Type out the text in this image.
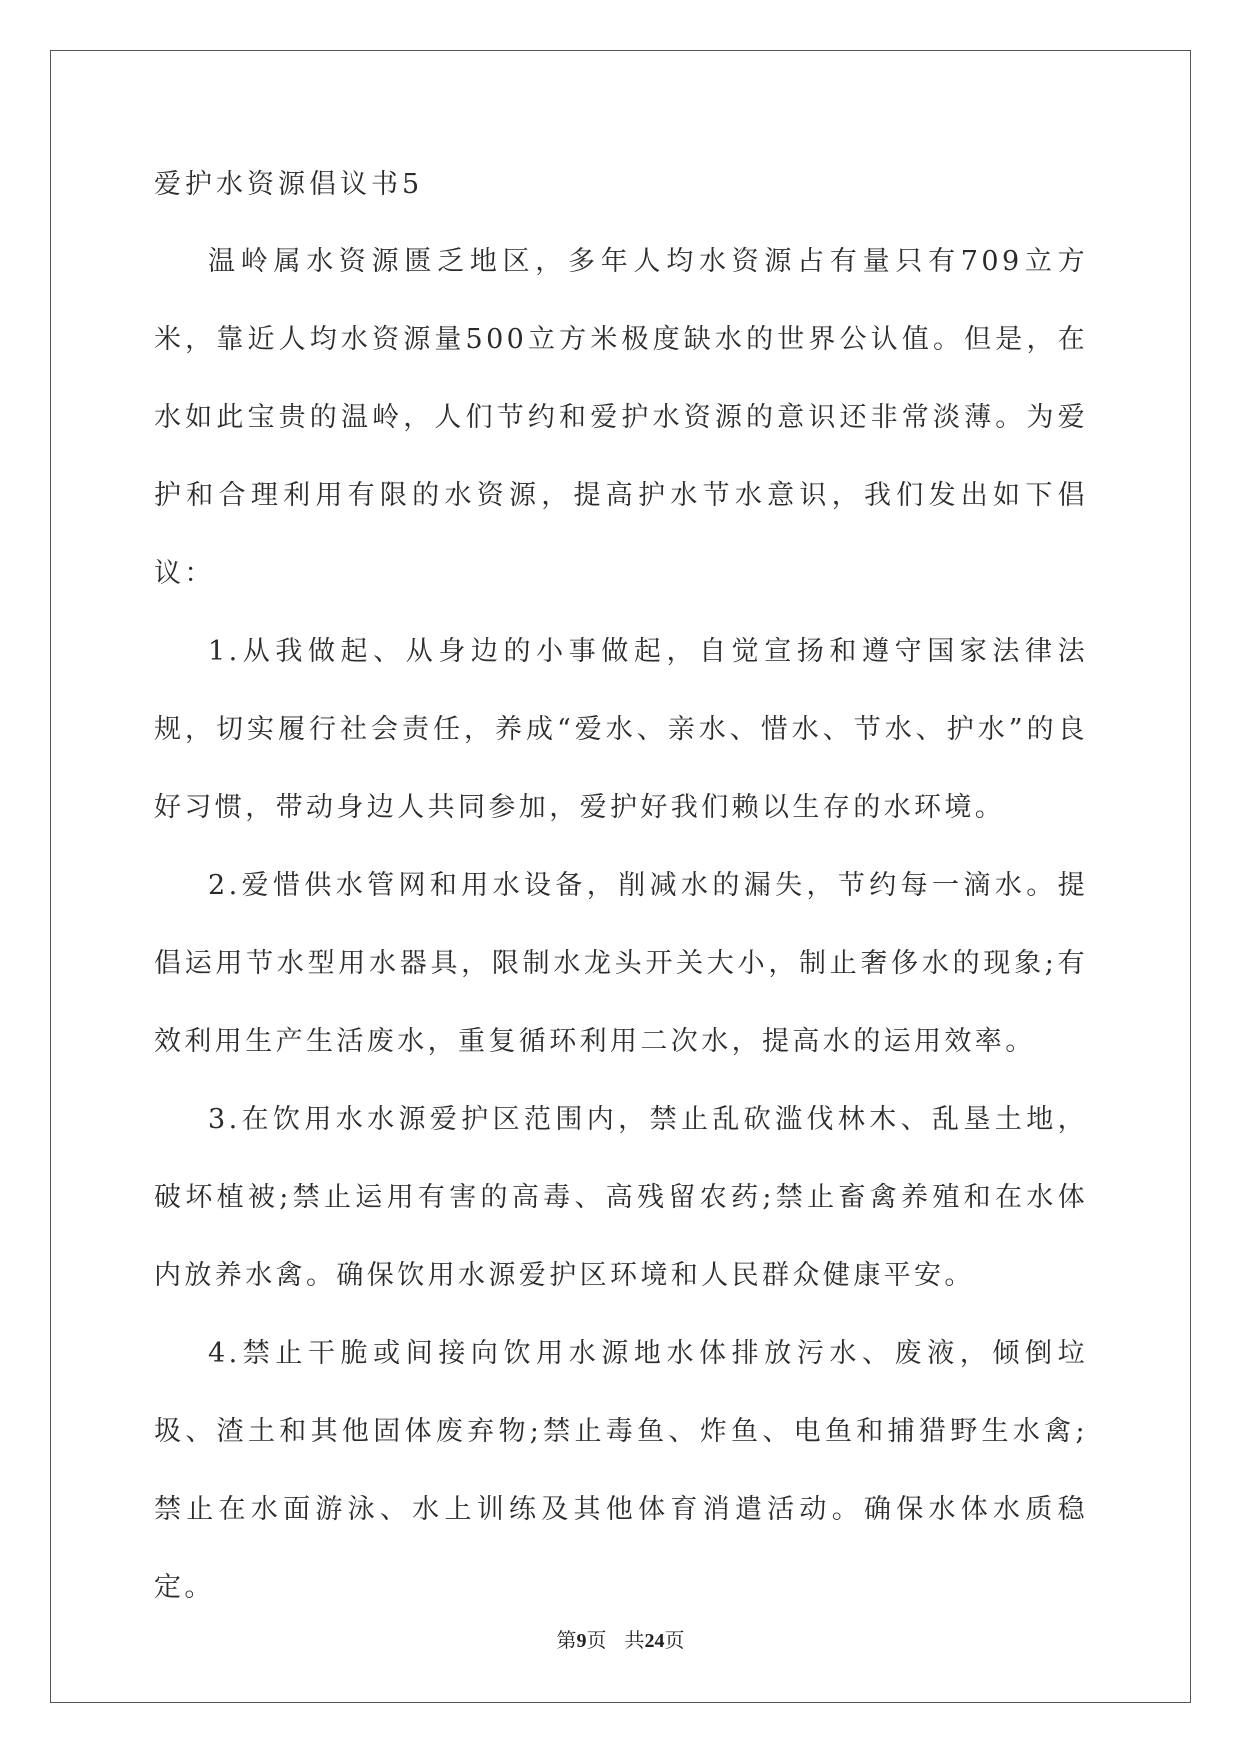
爱护水资源倡议书5

温岭属水资源匮乏地区，多年人均水资源占有量只有709立方米，靠近人均水资源量500立方米极度缺水的世界公认值。但是，在水如此宝贵的温岭，人们节约和爱护水资源的意识还非常淡薄。为爱护和合理利用有限的水资源，提高护水节水意识，我们发出如下倡议：

1.从我做起、从身边的小事做起，自觉宣扬和遵守国家法律法规，切实履行社会责任，养成“爱水、亲水、惜水、节水、护水”的良好习惯，带动身边人共同参加，爱护好我们赖以生存的水环境。

2.爱惜供水管网和用水设备，削减水的漏失，节约每一滴水。提倡运用节水型用水器具，限制水龙头开关大小，制止奢侈水的现象;有效利用生产生活废水，重复循环利用二次水，提高水的运用效率。

3.在饮用水水源爱护区范围内，禁止乱砍滥伐林木、乱垦土地，破坏植被;禁止运用有害的高毒、高残留农药;禁止畜禽养殖和在水体内放养水禽。确保饮用水源爱护区环境和人民群众健康平安。

4.禁止干脆或间接向饮用水源地水体排放污水、废液，倾倒垃圾、渣土和其他固体废弃物;禁止毒鱼、炸鱼、电鱼和捕猎野生水禽;禁止在水面游泳、水上训练及其他体育消遣活动。确保水体水质稳定。

第9页 共24页
